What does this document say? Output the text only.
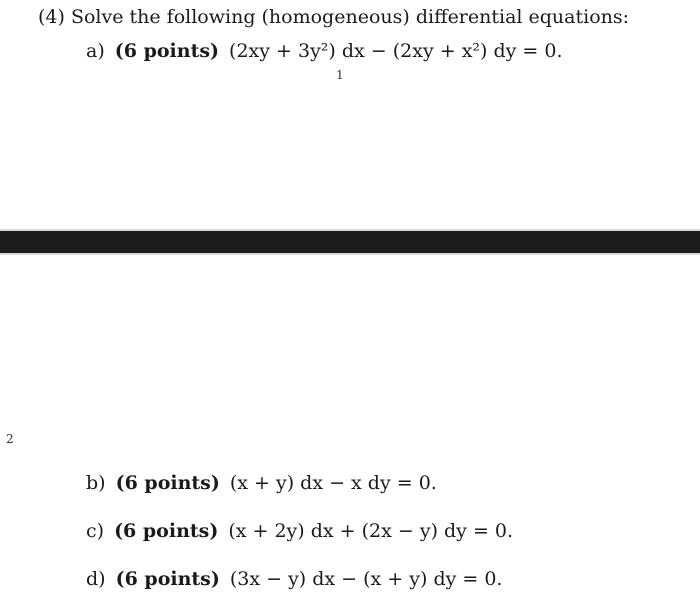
(4) Solve the following (homogeneous) differential equations:
a) (6 points) (2xy + 3y²) dx − (2xy + x²) dy = 0.
1
2
b) (6 points) (x + y) dx − x dy = 0.
c) (6 points) (x + 2y) dx + (2x − y) dy = 0.
d) (6 points) (3x − y) dx − (x + y) dy = 0.
